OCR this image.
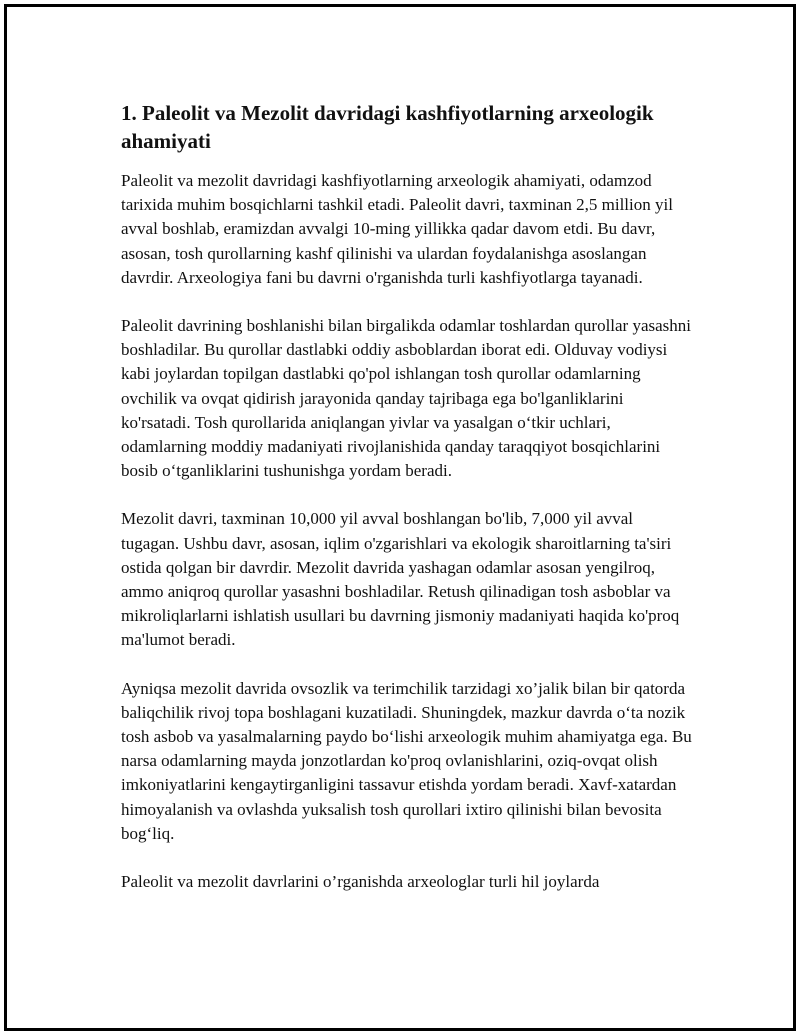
1. Paleolit va Mezolit davridagi kashfiyotlarning arxeologik ahamiyati

Paleolit va mezolit davridagi kashfiyotlarning arxeologik ahamiyati, odamzod tarixida muhim bosqichlarni tashkil etadi. Paleolit davri, taxminan 2,5 million yil avval boshlab, eramizdan avvalgi 10-ming yillikka qadar davom etdi. Bu davr, asosan, tosh qurollarning kashf qilinishi va ulardan foydalanishga asoslangan davrdir. Arxeologiya fani bu davrni o'rganishda turli kashfiyotlarga tayanadi.

Paleolit davrining boshlanishi bilan birgalikda odamlar toshlardan qurollar yasashni boshladilar. Bu qurollar dastlabki oddiy asboblardan iborat edi. Olduvay vodiysi kabi joylardan topilgan dastlabki qo'pol ishlangan tosh qurollar odamlarning ovchilik va ovqat qidirish jarayonida qanday tajribaga ega bo'lganliklarini ko'rsatadi. Tosh qurollarida aniqlangan yivlar va yasalgan o‘tkir uchlari, odamlarning moddiy madaniyati rivojlanishida qanday taraqqiyot bosqichlarini bosib o‘tganliklarini tushunishga yordam beradi.

Mezolit davri, taxminan 10,000 yil avval boshlangan bo'lib, 7,000 yil avval tugagan. Ushbu davr, asosan, iqlim o'zgarishlari va ekologik sharoitlarning ta'siri ostida qolgan bir davrdir. Mezolit davrida yashagan odamlar asosan yengilroq, ammo aniqroq qurollar yasashni boshladilar. Retush qilinadigan tosh asboblar va mikroliqlarlarni ishlatish usullari bu davrning jismoniy madaniyati haqida ko'proq ma'lumot beradi.

Ayniqsa mezolit davrida ovsozlik va terimchilik tarzidagi xo’jalik bilan bir qatorda baliqchilik rivoj topa boshlagani kuzatiladi. Shuningdek, mazkur davrda o‘ta nozik tosh asbob va yasalmalarning paydo bo‘lishi arxeologik muhim ahamiyatga ega. Bu narsa odamlarning mayda jonzotlardan ko'proq ovlanishlarini, oziq-ovqat olish imkoniyatlarini kengaytirganligini tassavur etishda yordam beradi. Xavf-xatardan himoyalanish va ovlashda yuksalish tosh qurollari ixtiro qilinishi bilan bevosita bog‘liq.

Paleolit va mezolit davrlarini o’rganishda arxeologlar turli hil joylarda
